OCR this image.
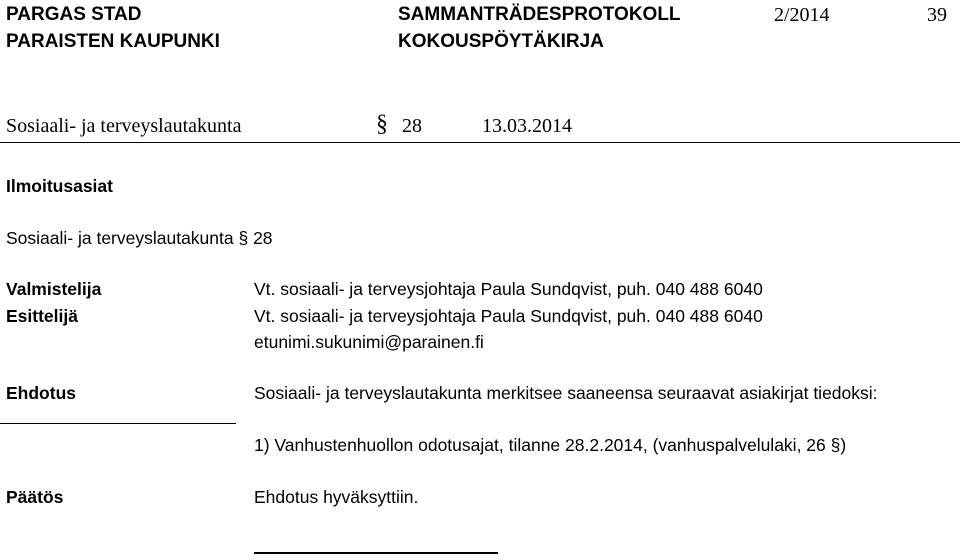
PARGAS STAD
PARAISTEN KAUPUNKI
SAMMANTRÄDESPROTOKOLL
KOKOUSPÖYTÄKIRJA
2/2014	39
Sosiaali- ja terveyslautakunta	§ 28	13.03.2014
Ilmoitusasiat
Sosiaali- ja terveyslautakunta § 28
Valmistelija	Vt. sosiaali- ja terveysjohtaja Paula Sundqvist, puh. 040 488 6040
Esittelijä	Vt. sosiaali- ja terveysjohtaja Paula Sundqvist, puh. 040 488 6040
etunimi.sukunimi@parainen.fi
Ehdotus	Sosiaali- ja terveyslautakunta merkitsee saaneensa seuraavat asiakirjat tiedoksi:
1) Vanhustenhuollon odotusajat, tilanne 28.2.2014, (vanhuspalvelulaki, 26 §)
Päätös	Ehdotus hyväksyttiin.
